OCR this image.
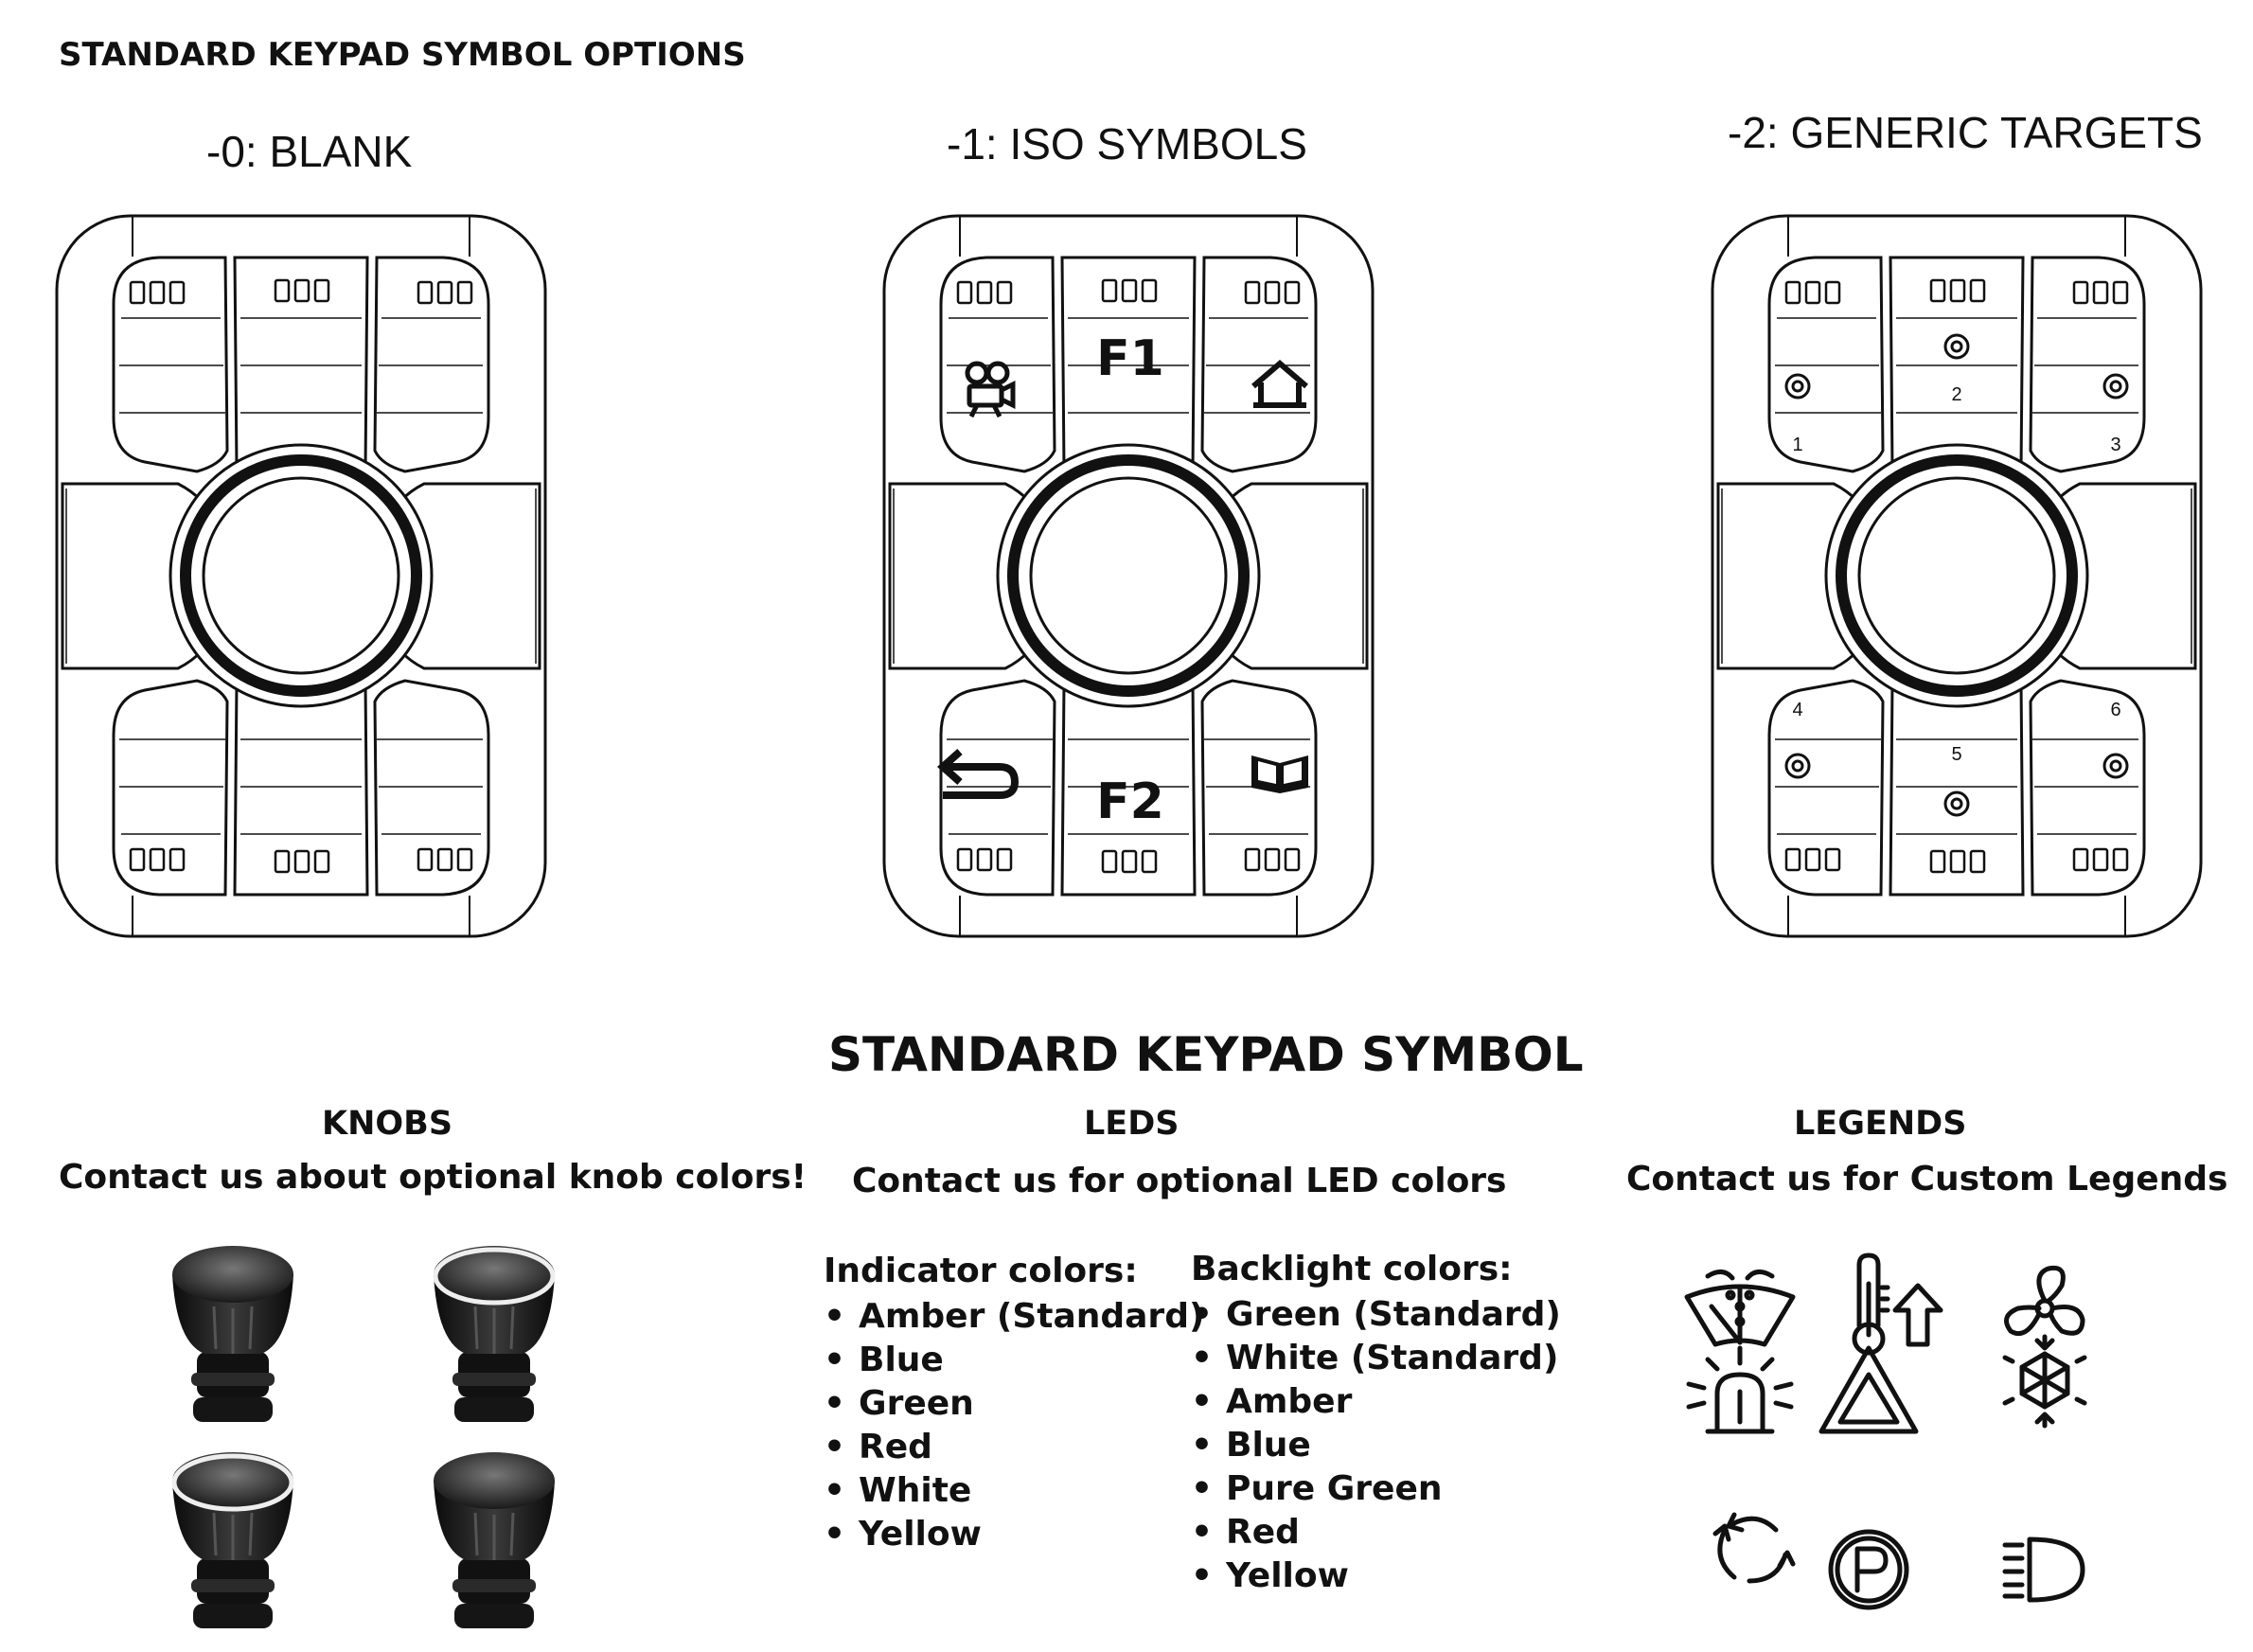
STANDARD KEYPAD SYMBOL OPTIONS
-0: BLANK	-1: ISO SYMBOLS	-2: GENERIC TARGETS
F1
F2
1
2
3
4
5
6
STANDARD KEYPAD SYMBOL
KNOBS
Contact us about optional knob colors!
LEDS
Contact us for optional LED colors
Indicator colors:
• Amber (Standard)
• Blue
• Green
• Red
• White
• Yellow
Backlight colors:
• Green (Standard)
• White (Standard)
• Amber
• Blue
• Pure Green
• Red
• Yellow
LEGENDS
Contact us for Custom Legends
